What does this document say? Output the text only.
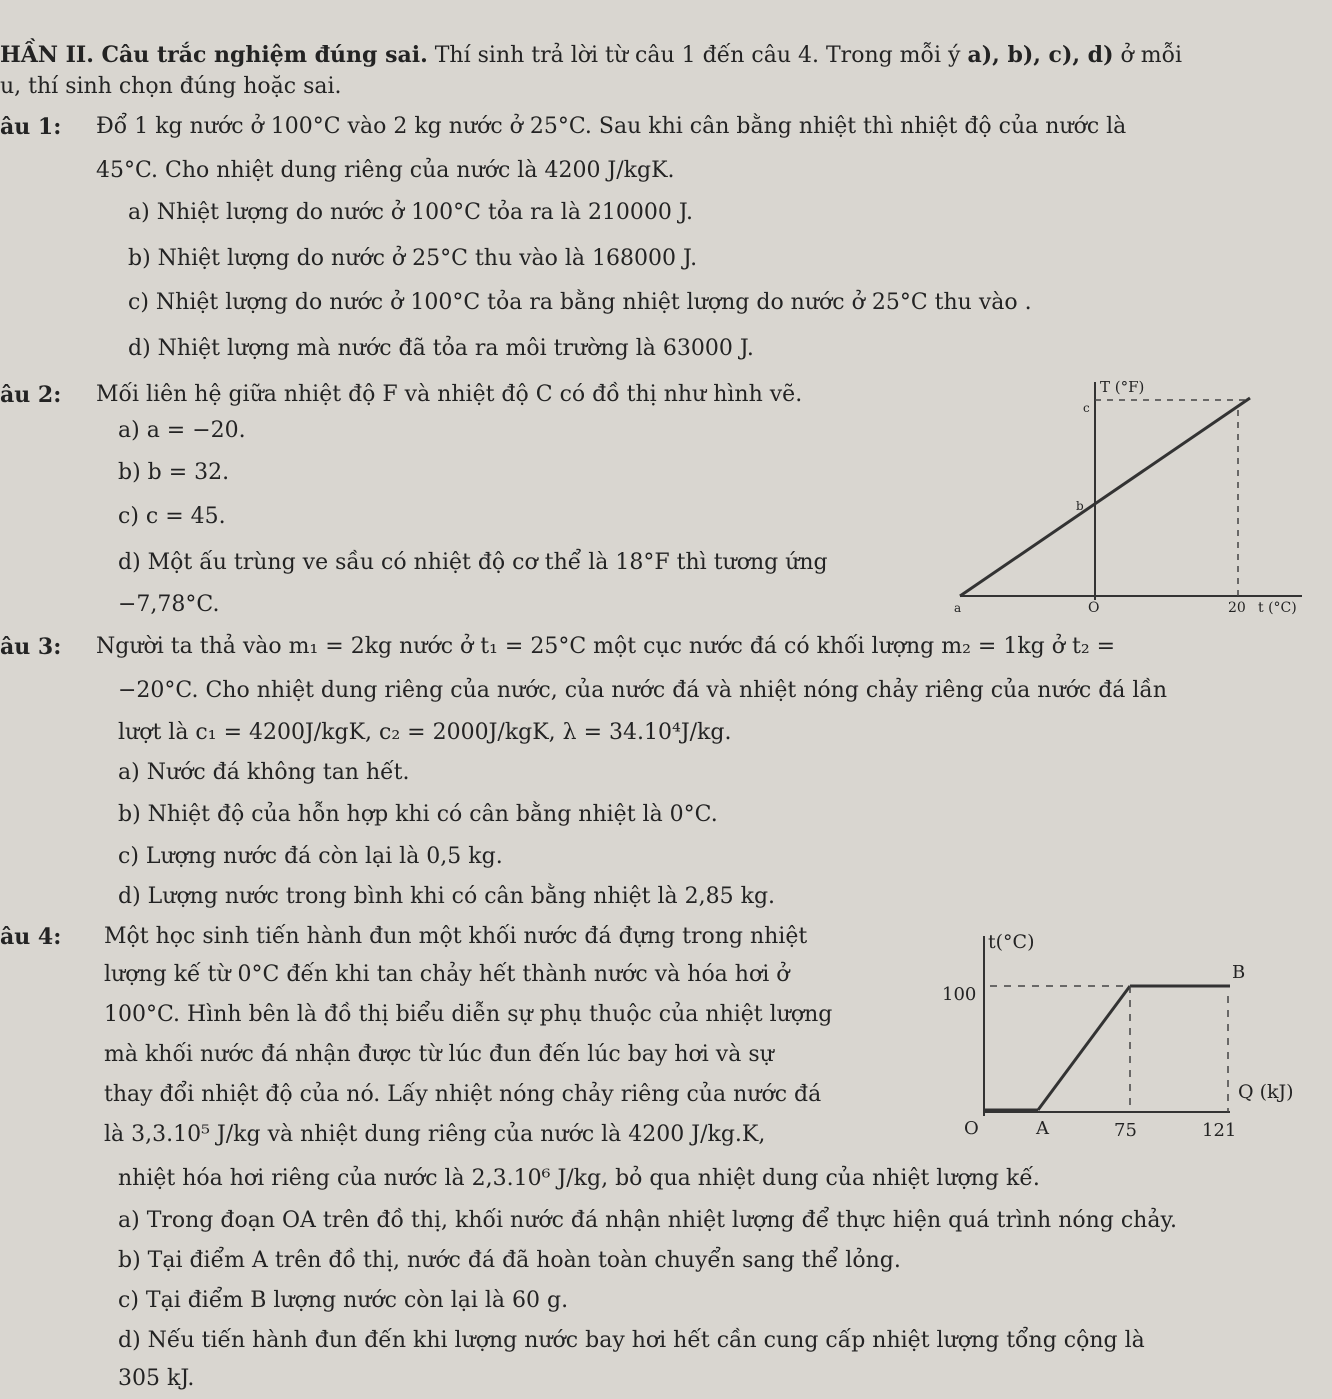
HẦN II. Câu trắc nghiệm đúng sai. Thí sinh trả lời từ câu 1 đến câu 4. Trong mỗi ý a), b), c), d) ở mỗi
u, thí sinh chọn đúng hoặc sai.
âu 1: Đổ 1 kg nước ở 100°C vào 2 kg nước ở 25°C. Sau khi cân bằng nhiệt thì nhiệt độ của nước là
45°C. Cho nhiệt dung riêng của nước là 4200 J/kgK.
a) Nhiệt lượng do nước ở 100°C tỏa ra là 210000 J.
b) Nhiệt lượng do nước ở 25°C thu vào là 168000 J.
c) Nhiệt lượng do nước ở 100°C tỏa ra bằng nhiệt lượng do nước ở 25°C thu vào .
d) Nhiệt lượng mà nước đã tỏa ra môi trường là 63000 J.
âu 2: Mối liên hệ giữa nhiệt độ F và nhiệt độ C có đồ thị như hình vẽ.
a) a = −20.
b) b = 32.
c) c = 45.
d) Một ấu trùng ve sầu có nhiệt độ cơ thể là 18°F thì tương ứng
−7,78°C.
T (°F)
c
b
a	O	20 t (°C)
âu 3: Người ta thả vào m₁ = 2kg nước ở t₁ = 25°C một cục nước đá có khối lượng m₂ = 1kg ở t₂ =
−20°C. Cho nhiệt dung riêng của nước, của nước đá và nhiệt nóng chảy riêng của nước đá lần
lượt là c₁ = 4200J/kgK, c₂ = 2000J/kgK, λ = 34.10⁴J/kg.
a) Nước đá không tan hết.
b) Nhiệt độ của hỗn hợp khi có cân bằng nhiệt là 0°C.
c) Lượng nước đá còn lại là 0,5 kg.
d) Lượng nước trong bình khi có cân bằng nhiệt là 2,85 kg.
âu 4: Một học sinh tiến hành đun một khối nước đá đựng trong nhiệt
lượng kế từ 0°C đến khi tan chảy hết thành nước và hóa hơi ở
100°C. Hình bên là đồ thị biểu diễn sự phụ thuộc của nhiệt lượng
mà khối nước đá nhận được từ lúc đun đến lúc bay hơi và sự
thay đổi nhiệt độ của nó. Lấy nhiệt nóng chảy riêng của nước đá
là 3,3.10⁵ J/kg và nhiệt dung riêng của nước là 4200 J/kg.K,
nhiệt hóa hơi riêng của nước là 2,3.10⁶ J/kg, bỏ qua nhiệt dung của nhiệt lượng kế.
a) Trong đoạn OA trên đồ thị, khối nước đá nhận nhiệt lượng để thực hiện quá trình nóng chảy.
b) Tại điểm A trên đồ thị, nước đá đã hoàn toàn chuyển sang thể lỏng.
c) Tại điểm B lượng nước còn lại là 60 g.
d) Nếu tiến hành đun đến khi lượng nước bay hơi hết cần cung cấp nhiệt lượng tổng cộng là
305 kJ.
t(°C)
100
B
O	A	75	121
Q (kJ)
